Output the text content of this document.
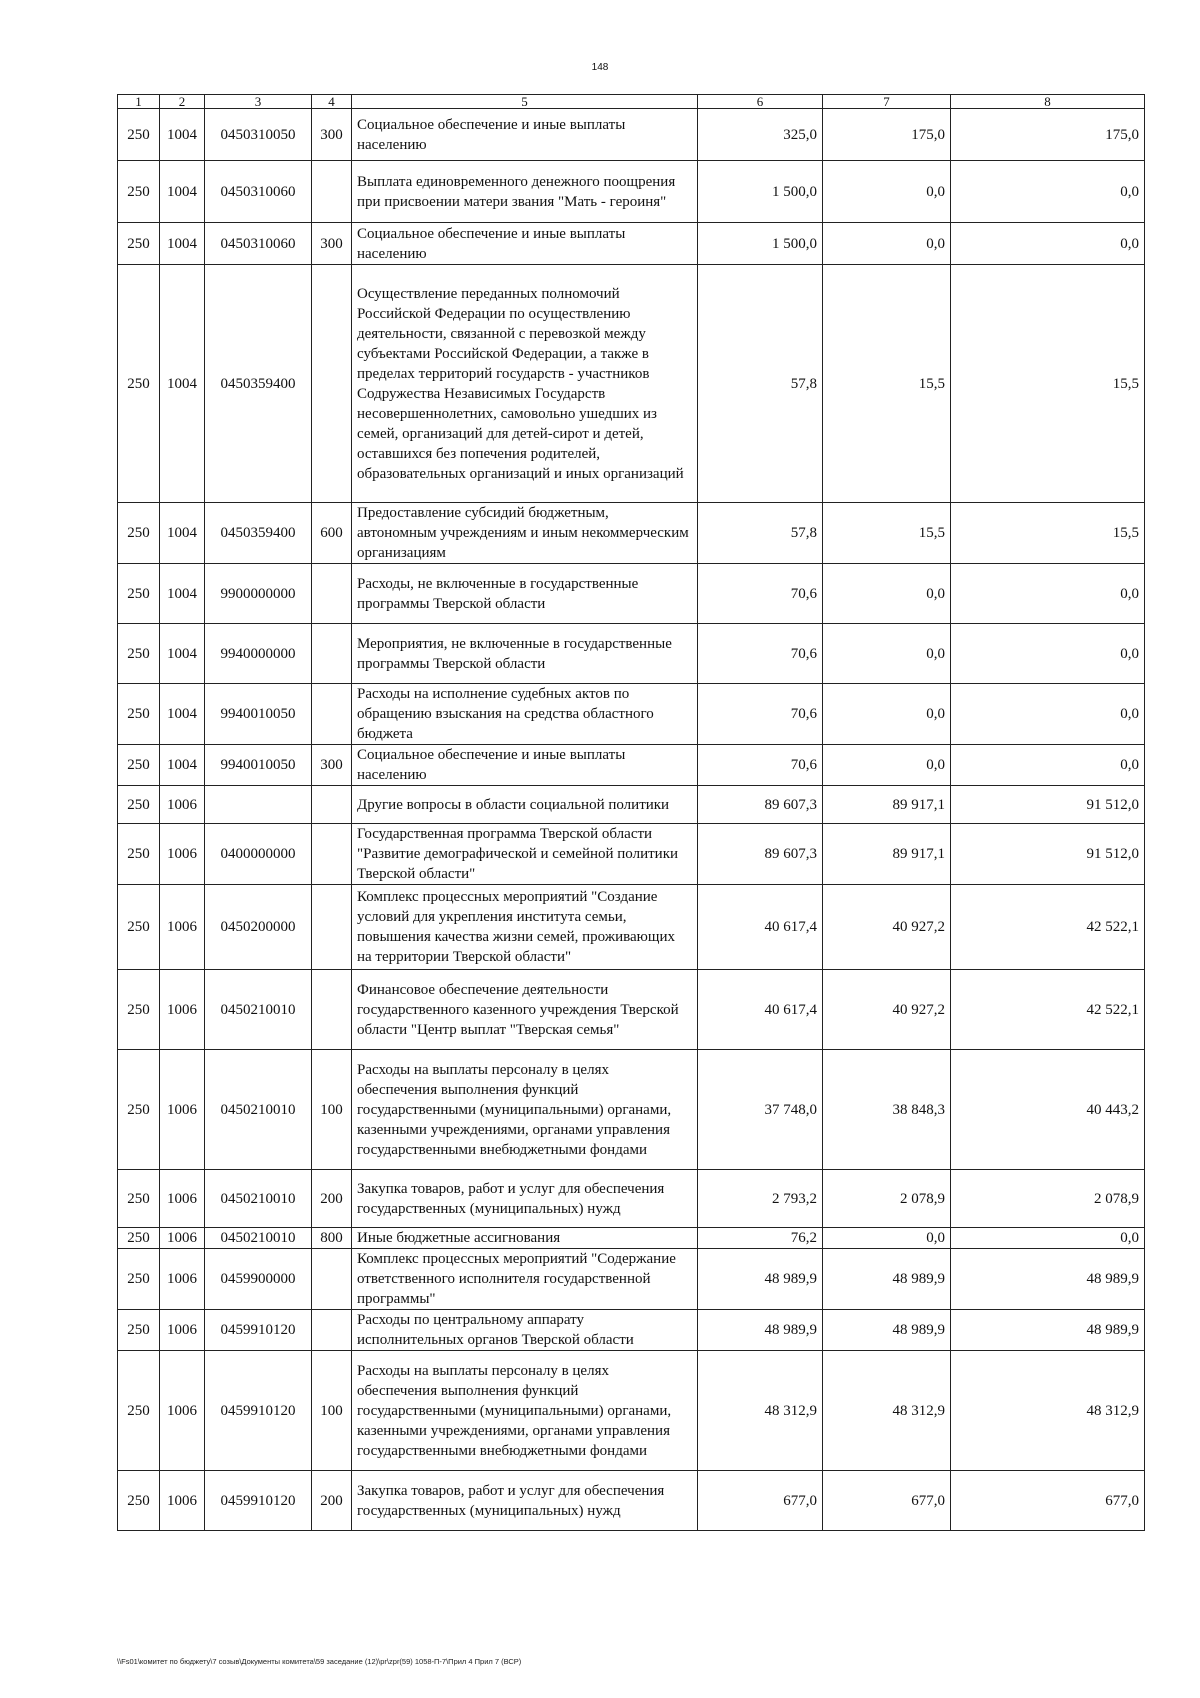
148
1	2	3	4	5	6	7	8
250	1004	0450310050	300	Социальное обеспечение и иные выплаты населению	325,0	175,0	175,0
250	1004	0450310060		Выплата единовременного денежного поощрения при присвоении матери звания "Мать - героиня"	1 500,0	0,0	0,0
250	1004	0450310060	300	Социальное обеспечение и иные выплаты населению	1 500,0	0,0	0,0
250	1004	0450359400		Осуществление переданных полномочий Российской Федерации по осуществлению деятельности, связанной с перевозкой между субъектами Российской Федерации, а также в пределах территорий государств - участников Содружества Независимых Государств несовершеннолетних, самовольно ушедших из семей, организаций для детей-сирот и детей, оставшихся без попечения родителей, образовательных организаций и иных организаций	57,8	15,5	15,5
250	1004	0450359400	600	Предоставление субсидий бюджетным, автономным учреждениям и иным некоммерческим организациям	57,8	15,5	15,5
250	1004	9900000000		Расходы, не включенные в государственные программы Тверской области	70,6	0,0	0,0
250	1004	9940000000		Мероприятия, не включенные в государственные программы Тверской области	70,6	0,0	0,0
250	1004	9940010050		Расходы на исполнение судебных актов по обращению взыскания на средства областного бюджета	70,6	0,0	0,0
250	1004	9940010050	300	Социальное обеспечение и иные выплаты населению	70,6	0,0	0,0
250	1006			Другие вопросы в области социальной политики	89 607,3	89 917,1	91 512,0
250	1006	0400000000		Государственная программа Тверской области "Развитие демографической и семейной политики Тверской области"	89 607,3	89 917,1	91 512,0
250	1006	0450200000		Комплекс процессных мероприятий "Создание условий для укрепления института семьи, повышения качества жизни семей, проживающих на территории Тверской области"	40 617,4	40 927,2	42 522,1
250	1006	0450210010		Финансовое обеспечение деятельности государственного казенного учреждения Тверской области "Центр выплат "Тверская семья"	40 617,4	40 927,2	42 522,1
250	1006	0450210010	100	Расходы на выплаты персоналу в целях обеспечения выполнения функций государственными (муниципальными) органами, казенными учреждениями, органами управления государственными внебюджетными фондами	37 748,0	38 848,3	40 443,2
250	1006	0450210010	200	Закупка товаров, работ и услуг для обеспечения государственных (муниципальных) нужд	2 793,2	2 078,9	2 078,9
250	1006	0450210010	800	Иные бюджетные ассигнования	76,2	0,0	0,0
250	1006	0459900000		Комплекс процессных мероприятий "Содержание ответственного исполнителя государственной программы"	48 989,9	48 989,9	48 989,9
250	1006	0459910120		Расходы по центральному аппарату исполнительных органов Тверской области	48 989,9	48 989,9	48 989,9
250	1006	0459910120	100	Расходы на выплаты персоналу в целях обеспечения выполнения функций государственными (муниципальными) органами, казенными учреждениями, органами управления государственными внебюджетными фондами	48 312,9	48 312,9	48 312,9
250	1006	0459910120	200	Закупка товаров, работ и услуг для обеспечения государственных (муниципальных) нужд	677,0	677,0	677,0
\\Fs01\комитет по бюджету\7 созыв\Документы комитета\59 заседание (12)\pr\zpr(59) 1058-П-7\Прил 4 Прил 7 (ВСР)
